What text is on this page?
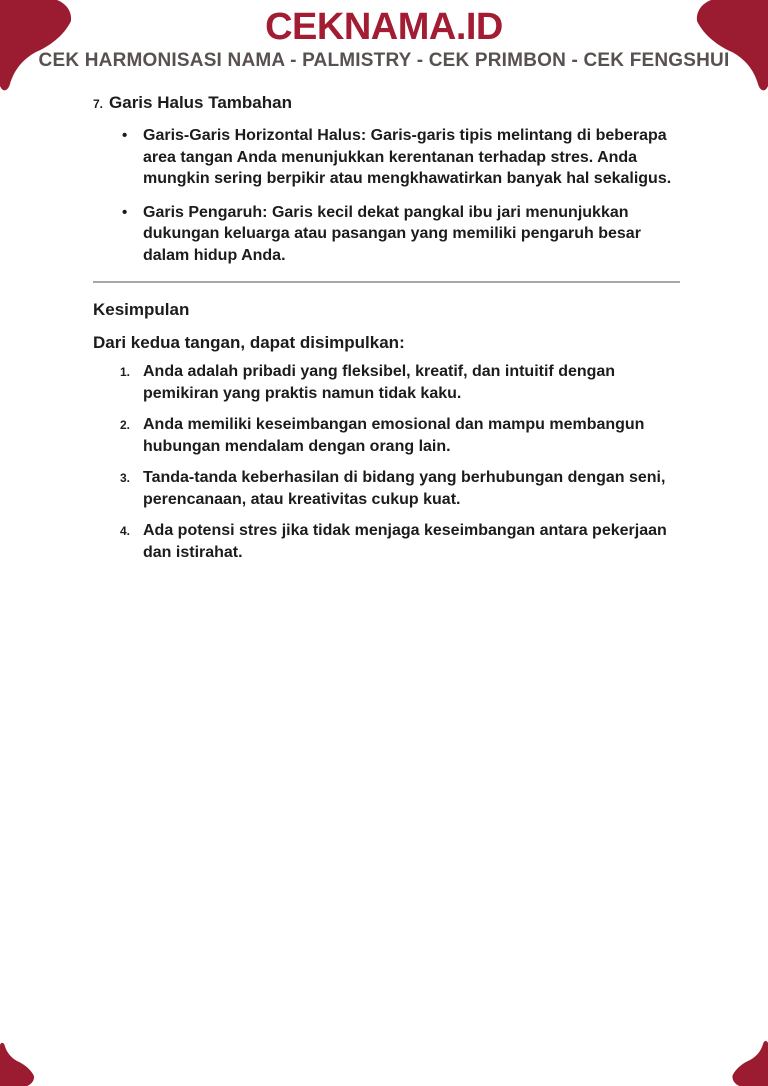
CEKNAMA.ID
CEK HARMONISASI NAMA - PALMISTRY - CEK PRIMBON - CEK FENGSHUI
7. Garis Halus Tambahan
• Garis-Garis Horizontal Halus: Garis-garis tipis melintang di beberapa area tangan Anda menunjukkan kerentanan terhadap stres. Anda mungkin sering berpikir atau mengkhawatirkan banyak hal sekaligus.

• Garis Pengaruh: Garis kecil dekat pangkal ibu jari menunjukkan dukungan keluarga atau pasangan yang memiliki pengaruh besar dalam hidup Anda.

Kesimpulan

Dari kedua tangan, dapat disimpulkan:

1. Anda adalah pribadi yang fleksibel, kreatif, dan intuitif dengan pemikiran yang praktis namun tidak kaku.

2. Anda memiliki keseimbangan emosional dan mampu membangun hubungan mendalam dengan orang lain.

3. Tanda-tanda keberhasilan di bidang yang berhubungan dengan seni, perencanaan, atau kreativitas cukup kuat.

4. Ada potensi stres jika tidak menjaga keseimbangan antara pekerjaan dan istirahat.
